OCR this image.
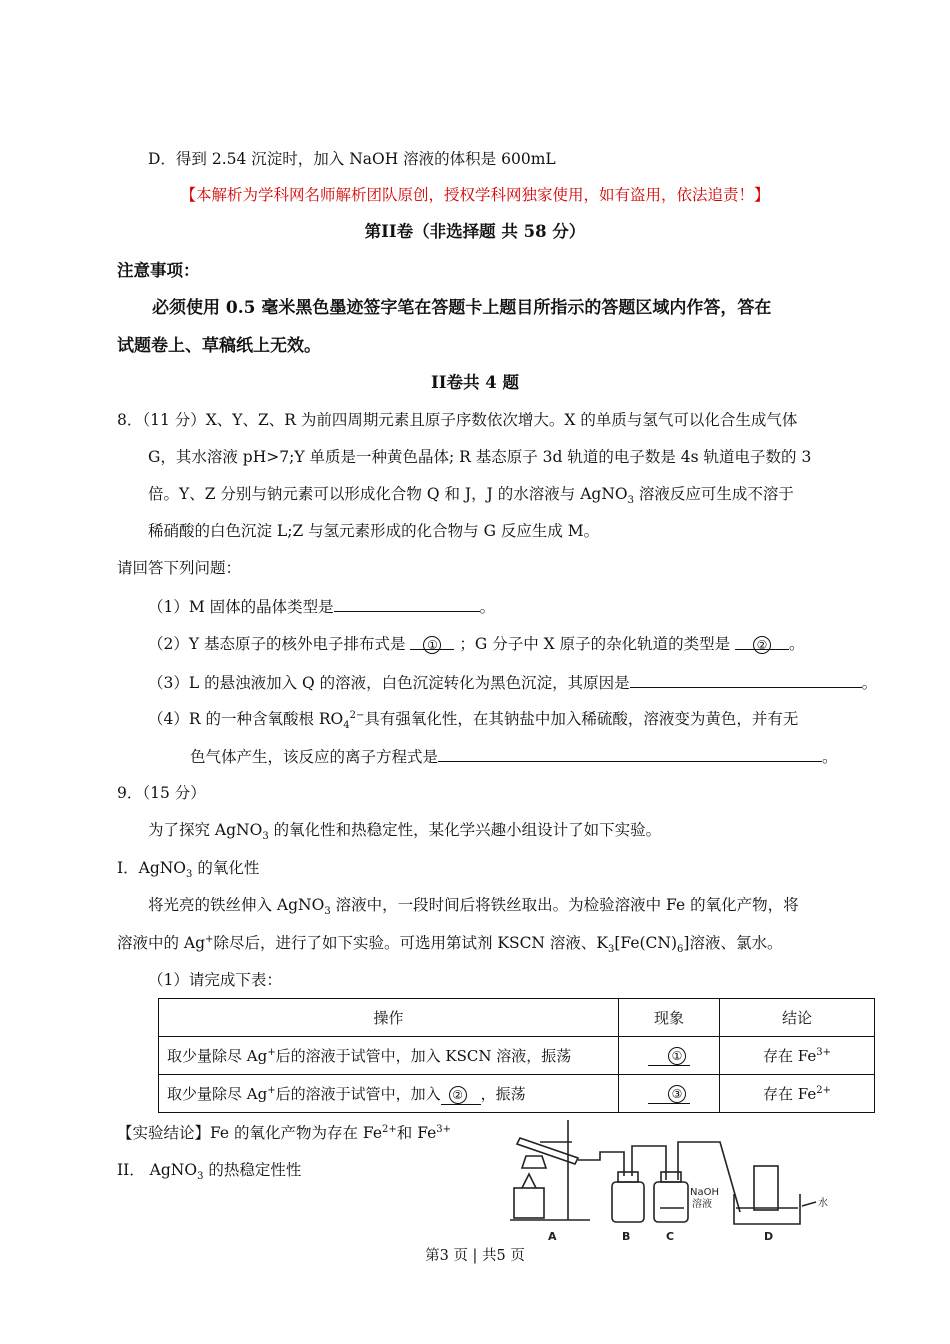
D．得到 2.54 沉淀时，加入 NaOH 溶液的体积是 600mL
【本解析为学科网名师解析团队原创，授权学科网独家使用，如有盗用，依法追责！】
第II卷（非选择题 共 58 分）
注意事项：
必须使用 0.5 毫米黑色墨迹签字笔在答题卡上题目所指示的答题区域内作答，答在
试题卷上、草稿纸上无效。
II卷共 4 题
8．（11 分）X、Y、Z、R 为前四周期元素且原子序数依次增大。X 的单质与氢气可以化合生成气体
G，其水溶液 pH>7;Y 单质是一种黄色晶体; R 基态原子 3d 轨道的电子数是 4s 轨道电子数的 3
倍。Y、Z 分别与钠元素可以形成化合物 Q 和 J，J 的水溶液与 AgNO$_3$ 溶液反应可生成不溶于
稀硝酸的白色沉淀 L;Z 与氢元素形成的化合物与 G 反应生成 M。
请回答下列问题：
（1）M 固体的晶体类型是	。
（2）Y 基态原子的核外电子排布式是 ① ；G 分子中 X 原子的杂化轨道的类型是 ② 。
（3）L 的悬浊液加入 Q 的溶液，白色沉淀转化为黑色沉淀，其原因是	。
（4）R 的一种含氧酸根 $RO_4^{2-}$具有强氧化性，在其钠盐中加入稀硫酸，溶液变为黄色，并有无
色气体产生，该反应的离子方程式是	。
9．（15 分）
为了探究 AgNO$_3$ 的氧化性和热稳定性，某化学兴趣小组设计了如下实验。
I．AgNO$_3$ 的氧化性
将光亮的铁丝伸入 AgNO$_3$ 溶液中，一段时间后将铁丝取出。为检验溶液中 Fe 的氧化产物，将
溶液中的 Ag+除尽后，进行了如下实验。可选用第试剂 KSCN 溶液、$K_3[Fe(CN)_6]$溶液、氯水。
（1）请完成下表：
操作	现象	结论
取少量除尽 Ag+后的溶液于试管中，加入 KSCN 溶液，振荡	①	存在 $Fe^{3+}$
取少量除尽 Ag+后的溶液于试管中，加入 ② ，振荡	③	存在 $Fe^{2+}$
【实验结论】Fe 的氧化产物为存在 $Fe^{2+}$和 $Fe^{3+}$
II． AgNO$_3$ 的热稳定性性
NaOH
溶液	水
A	B	C	D
第3 页 | 共5 页
